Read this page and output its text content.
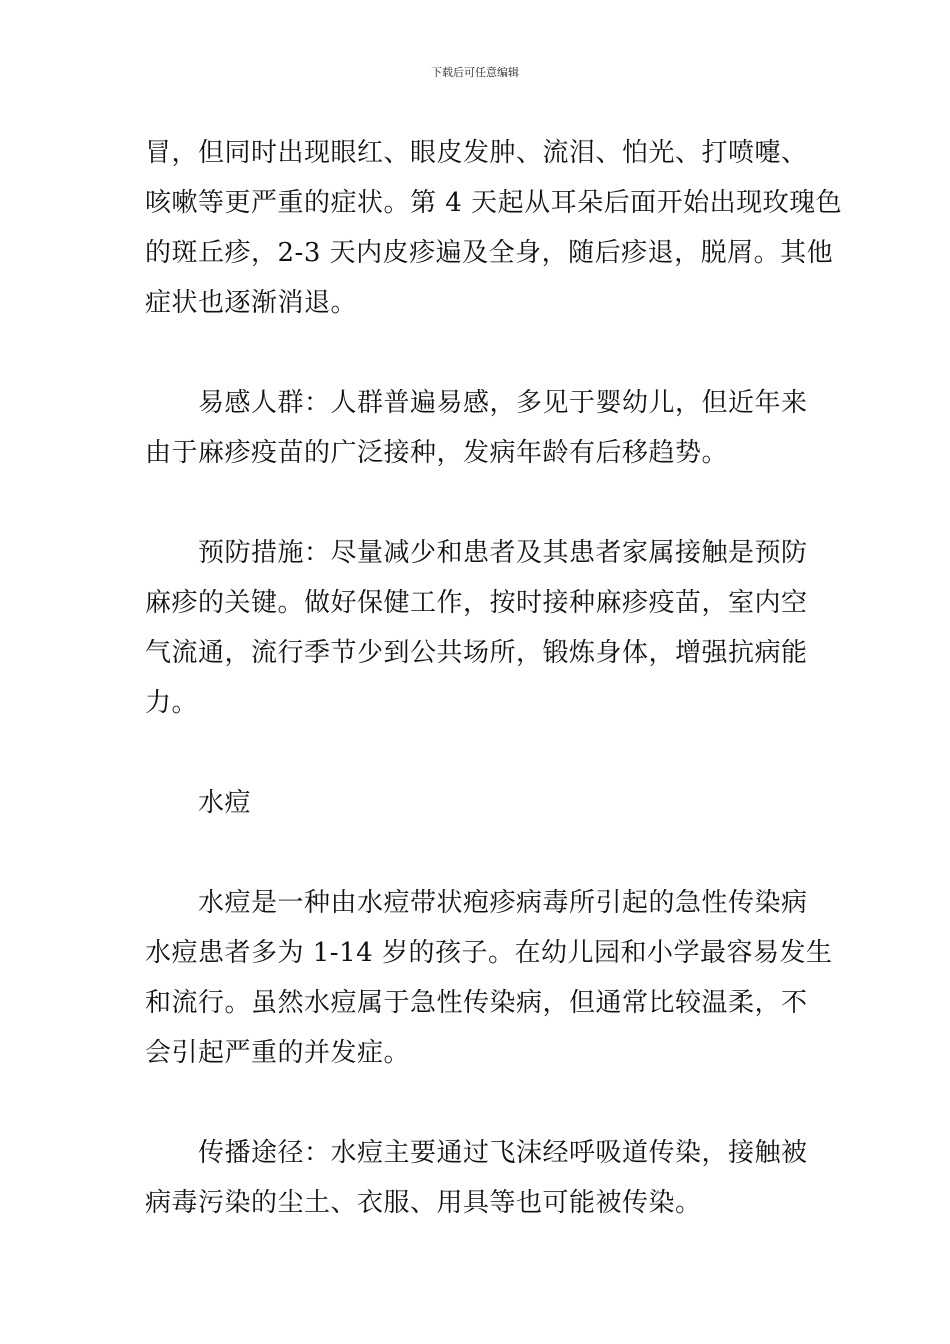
下载后可任意编辑
冒，但同时出现眼红、眼皮发肿、流泪、怕光、打喷嚏、
咳嗽等更严重的症状。第 4 天起从耳朵后面开始出现玫瑰色
的斑丘疹，2-3 天内皮疹遍及全身，随后疹退，脱屑。其他
症状也逐渐消退。
易感人群：人群普遍易感，多见于婴幼儿，但近年来
由于麻疹疫苗的广泛接种，发病年龄有后移趋势。
预防措施：尽量减少和患者及其患者家属接触是预防
麻疹的关键。做好保健工作，按时接种麻疹疫苗，室内空
气流通，流行季节少到公共场所，锻炼身体，增强抗病能
力。
水痘
水痘是一种由水痘带状疱疹病毒所引起的急性传染病
水痘患者多为 1-14 岁的孩子。在幼儿园和小学最容易发生
和流行。虽然水痘属于急性传染病，但通常比较温柔，不
会引起严重的并发症。
传播途径：水痘主要通过飞沫经呼吸道传染，接触被
病毒污染的尘土、衣服、用具等也可能被传染。
